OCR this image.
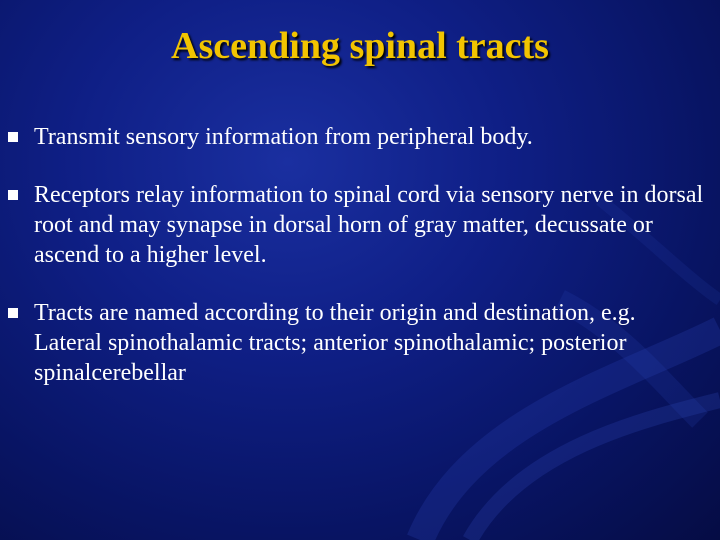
Ascending spinal tracts
Transmit sensory information from peripheral body.
Receptors relay information to spinal cord via sensory nerve in dorsal root and may synapse in dorsal horn of gray matter, decussate or ascend to a higher level.
Tracts are named according to their origin and destination, e.g. Lateral spinothalamic tracts; anterior spinothalamic; posterior spinalcerebellar
